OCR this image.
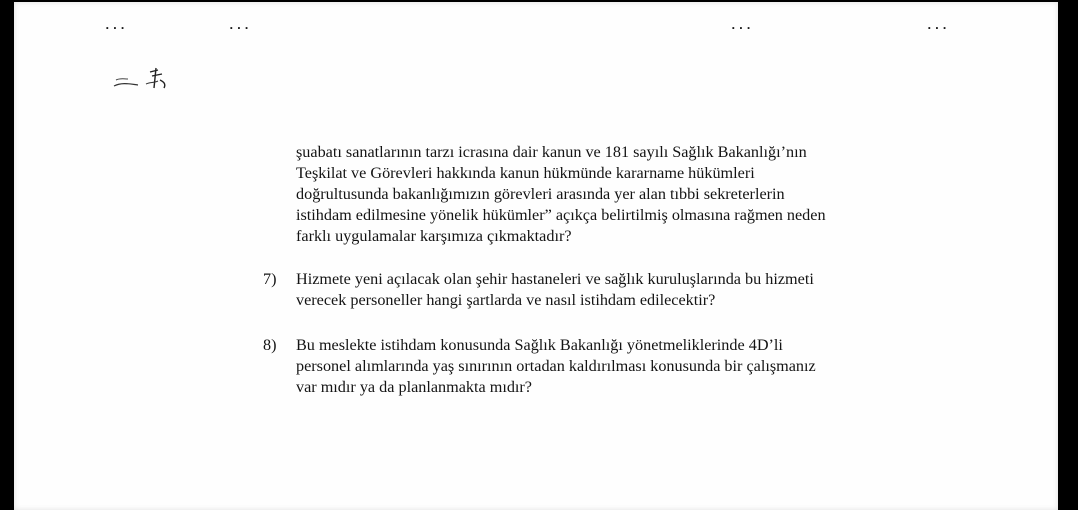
...	...	...	...

şuabatı sanatlarının tarzı icrasına dair kanun ve 181 sayılı Sağlık Bakanlığı’nın

Teşkilat ve Görevleri hakkında kanun hükmünde kararname hükümleri

doğrultusunda bakanlığımızın görevleri arasında yer alan tıbbi sekreterlerin

istihdam edilmesine yönelik hükümler” açıkça belirtilmiş olmasına rağmen neden

farklı uygulamalar karşımıza çıkmaktadır?

7) Hizmete yeni açılacak olan şehir hastaneleri ve sağlık kuruluşlarında bu hizmeti

verecek personeller hangi şartlarda ve nasıl istihdam edilecektir?

8) Bu meslekte istihdam konusunda Sağlık Bakanlığı yönetmeliklerinde 4D’li

personel alımlarında yaş sınırının ortadan kaldırılması konusunda bir çalışmanız

var mıdır ya da planlanmakta mıdır?
